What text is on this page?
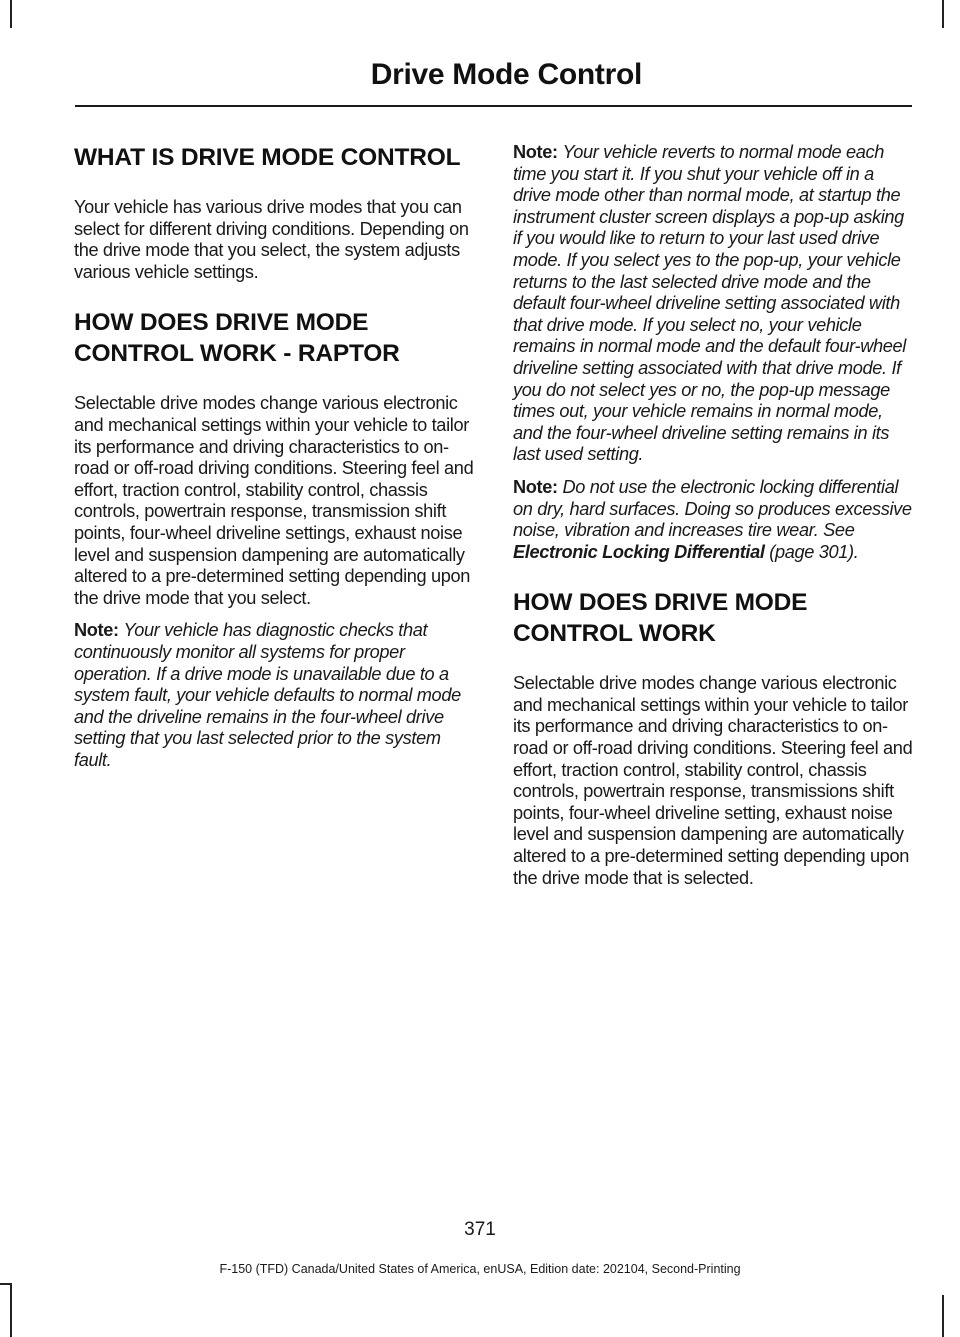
Drive Mode Control
WHAT IS DRIVE MODE CONTROL

Your vehicle has various drive modes that you can select for different driving conditions. Depending on the drive mode that you select, the system adjusts various vehicle settings.

HOW DOES DRIVE MODE CONTROL WORK - RAPTOR

Selectable drive modes change various electronic and mechanical settings within your vehicle to tailor its performance and driving characteristics to on-road or off-road driving conditions. Steering feel and effort, traction control, stability control, chassis controls, powertrain response, transmission shift points, four-wheel driveline settings, exhaust noise level and suspension dampening are automatically altered to a pre-determined setting depending upon the drive mode that you select.

Note: Your vehicle has diagnostic checks that continuously monitor all systems for proper operation. If a drive mode is unavailable due to a system fault, your vehicle defaults to normal mode and the driveline remains in the four-wheel drive setting that you last selected prior to the system fault.

Note: Your vehicle reverts to normal mode each time you start it. If you shut your vehicle off in a drive mode other than normal mode, at startup the instrument cluster screen displays a pop-up asking if you would like to return to your last used drive mode. If you select yes to the pop-up, your vehicle returns to the last selected drive mode and the default four-wheel driveline setting associated with that drive mode. If you select no, your vehicle remains in normal mode and the default four-wheel driveline setting associated with that drive mode. If you do not select yes or no, the pop-up message times out, your vehicle remains in normal mode, and the four-wheel driveline setting remains in its last used setting.

Note: Do not use the electronic locking differential on dry, hard surfaces. Doing so produces excessive noise, vibration and increases tire wear. See Electronic Locking Differential (page 301).

HOW DOES DRIVE MODE CONTROL WORK

Selectable drive modes change various electronic and mechanical settings within your vehicle to tailor its performance and driving characteristics to on-road or off-road driving conditions. Steering feel and effort, traction control, stability control, chassis controls, powertrain response, transmissions shift points, four-wheel driveline setting, exhaust noise level and suspension dampening are automatically altered to a pre-determined setting depending upon the drive mode that is selected.

371
F-150 (TFD) Canada/United States of America, enUSA, Edition date: 202104, Second-Printing
